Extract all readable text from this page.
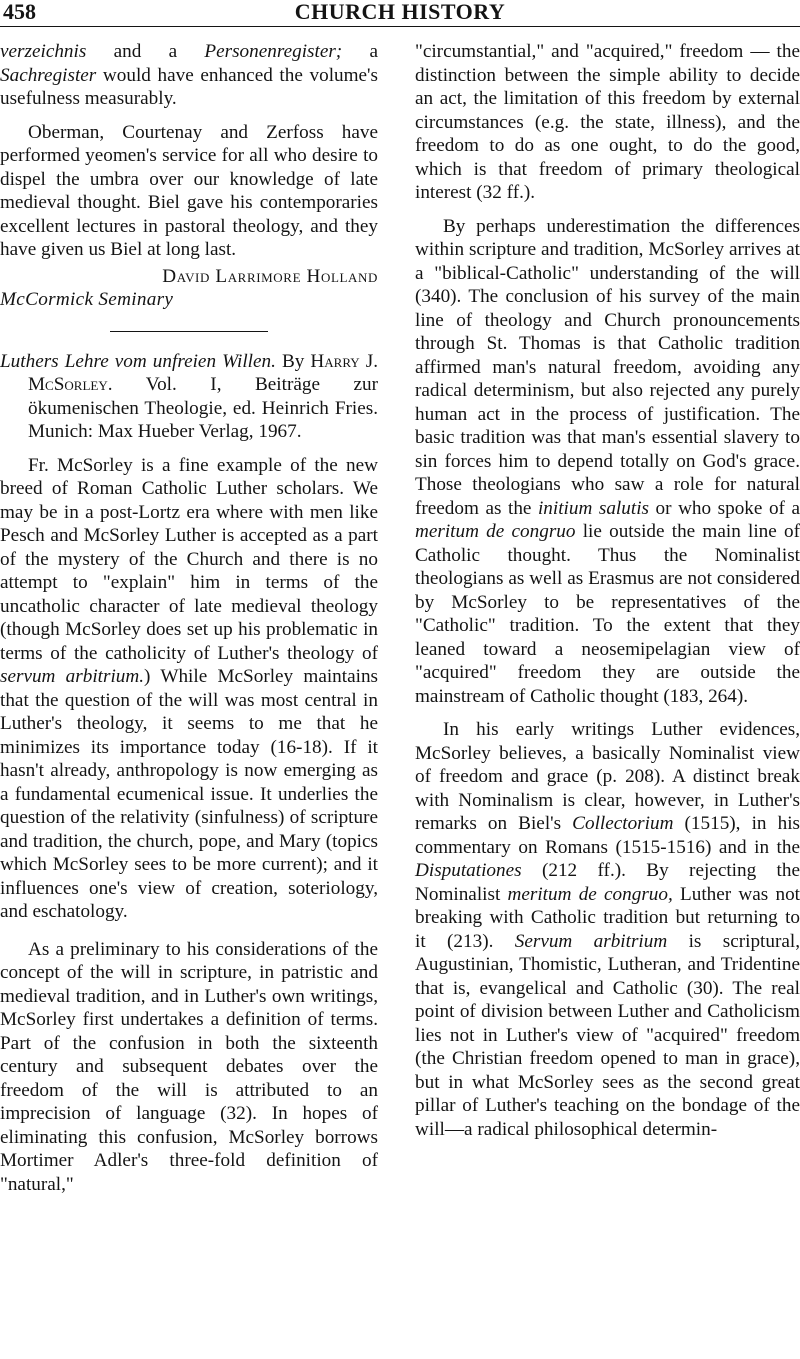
458	CHURCH HISTORY

verzeichnis and a Personenregister; a Sachregister would have enhanced the volume's usefulness measurably.

Oberman, Courtenay and Zerfoss have performed yeomen's service for all who desire to dispel the umbra over our knowledge of late medieval thought. Biel gave his contemporaries excellent lectures in pastoral theology, and they have given us Biel at long last.

David Larrimore Holland

McCormick Seminary

Luthers Lehre vom unfreien Willen. By Harry J. McSorley. Vol. I, Beiträge zur ökumenischen Theologie, ed. Heinrich Fries. Munich: Max Hueber Verlag, 1967.

Fr. McSorley is a fine example of the new breed of Roman Catholic Luther scholars. We may be in a post-Lortz era where with men like Pesch and McSorley Luther is accepted as a part of the mystery of the Church and there is no attempt to "explain" him in terms of the uncatholic character of late medieval theology (though McSorley does set up his problematic in terms of the catholicity of Luther's theology of servum arbitrium.) While McSorley maintains that the question of the will was most central in Luther's theology, it seems to me that he minimizes its importance today (16-18). If it hasn't already, anthropology is now emerging as a fundamental ecumenical issue. It underlies the question of the relativity (sinfulness) of scripture and tradition, the church, pope, and Mary (topics which McSorley sees to be more current); and it influences one's view of creation, soteriology, and eschatology.

As a preliminary to his considerations of the concept of the will in scripture, in patristic and medieval tradition, and in Luther's own writings, McSorley first undertakes a definition of terms. Part of the confusion in both the sixteenth century and subsequent debates over the freedom of the will is attributed to an imprecision of language (32). In hopes of eliminating this confusion, McSorley borrows Mortimer Adler's three-fold definition of "natural,"

"circumstantial," and "acquired," freedom — the distinction between the simple ability to decide an act, the limitation of this freedom by external circumstances (e.g. the state, illness), and the freedom to do as one ought, to do the good, which is that freedom of primary theological interest (32 ff.).

By perhaps underestimation the differences within scripture and tradition, McSorley arrives at a "biblical-Catholic" understanding of the will (340). The conclusion of his survey of the main line of theology and Church pronouncements through St. Thomas is that Catholic tradition affirmed man's natural freedom, avoiding any radical determinism, but also rejected any purely human act in the process of justification. The basic tradition was that man's essential slavery to sin forces him to depend totally on God's grace. Those theologians who saw a role for natural freedom as the initium salutis or who spoke of a meritum de congruo lie outside the main line of Catholic thought. Thus the Nominalist theologians as well as Erasmus are not considered by McSorley to be representatives of the "Catholic" tradition. To the extent that they leaned toward a neosemipelagian view of "acquired" freedom they are outside the mainstream of Catholic thought (183, 264).

In his early writings Luther evidences, McSorley believes, a basically Nominalist view of freedom and grace (p. 208). A distinct break with Nominalism is clear, however, in Luther's remarks on Biel's Collectorium (1515), in his commentary on Romans (1515-1516) and in the Disputationes (212 ff.). By rejecting the Nominalist meritum de congruo, Luther was not breaking with Catholic tradition but returning to it (213). Servum arbitrium is scriptural, Augustinian, Thomistic, Lutheran, and Tridentine that is, evangelical and Catholic (30). The real point of division between Luther and Catholicism lies not in Luther's view of "acquired" freedom (the Christian freedom opened to man in grace), but in what McSorley sees as the second great pillar of Luther's teaching on the bondage of the will—a radical philosophical determin-
